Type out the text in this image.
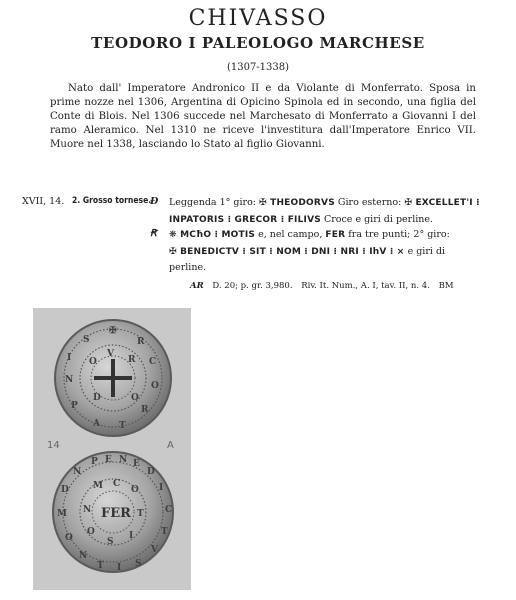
CHIVASSO
TEODORO I PALEOLOGO MARCHESE
(1307-1338)

Nato dall' Imperatore Andronico II e da Violante di Monferrato. Sposa in prime nozze nel 1306, Argentina di Opicino Spinola ed in secondo, una figlia del Conte di Blois. Nel 1306 succede nel Marchesato di Monferrato a Giovanni I del ramo Aleramico. Nel 1310 ne riceve l'investitura dall'Imperatore Enrico VII. Muore nel 1338, lasciando lo Stato al figlio Giovanni.

XVII, 14. 2. Grosso tornese.
Ɖ Leggenda 1° giro: ✠ THEODORVS Giro esterno: ✠ EXCELLET'I ⁝
INPATORIS ⁝ GRECOR ⁝ FILIVS Croce e giri di perline.
Ꞧ ❋ MCħO ⁝ MOTIS e, nel campo, FER fra tre punti; 2° giro:
✠ BENEDICTV ⁝ SIT ⁝ NOM ⁝ DNI ⁝ NRI ⁝ IhV ⁝ × e giri di
perline.
AR D. 20; p. gr. 3,980. Riv. It. Num., A. I, tav. II, n. 4. BM
✠
R
C
O
R
T
A
P
N
I
S
V
R
O
D
O
14	A
FER
P E N E
D
I
C
T
V
S
I
T
N
O
M
D
N
M C
O
T
I
S
O
N
